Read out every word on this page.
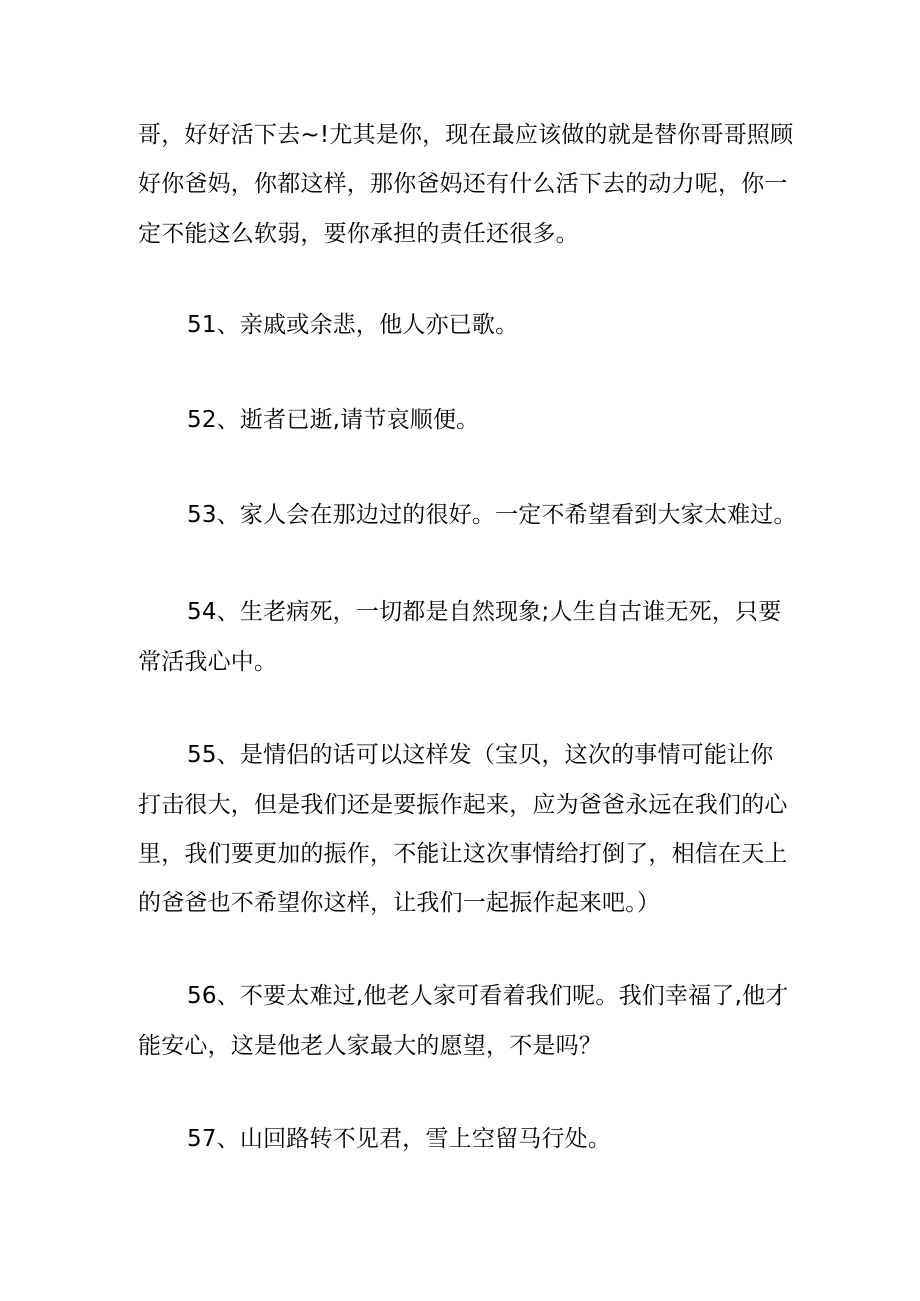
哥，好好活下去~!尤其是你，现在最应该做的就是替你哥哥照顾
好你爸妈，你都这样，那你爸妈还有什么活下去的动力呢，你一
定不能这么软弱，要你承担的责任还很多。
51、亲戚或余悲，他人亦已歌。
52、逝者已逝,请节哀顺便。
53、家人会在那边过的很好。一定不希望看到大家太难过。
54、生老病死，一切都是自然现象;人生自古谁无死，只要
常活我心中。
55、是情侣的话可以这样发（宝贝，这次的事情可能让你
打击很大，但是我们还是要振作起来，应为爸爸永远在我们的心
里，我们要更加的振作，不能让这次事情给打倒了，相信在天上
的爸爸也不希望你这样，让我们一起振作起来吧。）
56、不要太难过,他老人家可看着我们呢。我们幸福了,他才
能安心，这是他老人家最大的愿望，不是吗？
57、山回路转不见君，雪上空留马行处。
